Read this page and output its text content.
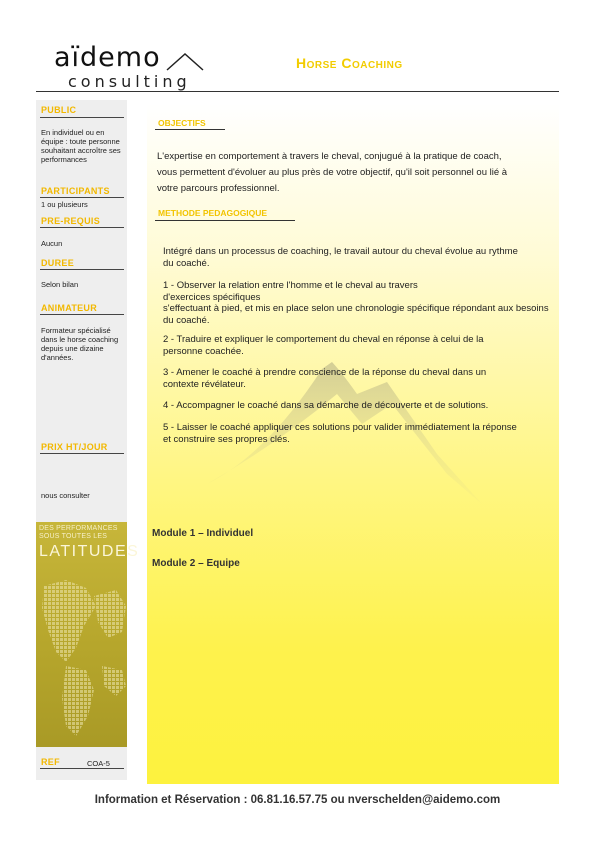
aïdemo
consulting
Horse Coaching
PUBLIC
En individuel ou en équipe : toute personne souhaitant accroître ses performances
PARTICIPANTS
1 ou plusieurs
PRE-REQUIS
Aucun
DUREE
Selon bilan
ANIMATEUR
Formateur spécialisé dans le horse coaching depuis une dizaine d'années.
PRIX HT/JOUR
nous consulter
DES PERFORMANCES SOUS TOUTES LES
LATITUDES
REF	COA-5
OBJECTIFS
L'expertise en comportement à travers le cheval, conjugué à la pratique de coach,
vous permettent d'évoluer au plus près de votre objectif, qu'il soit personnel ou lié à
votre parcours professionnel.
METHODE PEDAGOGIQUE
Intégré dans un processus de coaching, le travail autour du cheval évolue au rythme du coaché.
1 - Observer la relation entre l'homme et le cheval au travers d'exercices spécifiques
s'effectuant à pied, et mis en place selon une chronologie spécifique répondant aux besoins du coaché.
2 - Traduire et expliquer le comportement du cheval en réponse à celui de la personne coachée.
3 - Amener le coaché à prendre conscience de la réponse du cheval dans un contexte révélateur.
4 - Accompagner le coaché dans sa démarche de découverte et de solutions.
5 - Laisser le coaché appliquer ces solutions pour valider immédiatement la réponse et construire ses propres clés.
Module 1 – Individuel
Module 2 – Equipe
Information et Réservation : 06.81.16.57.75 ou nverschelden@aidemo.com
